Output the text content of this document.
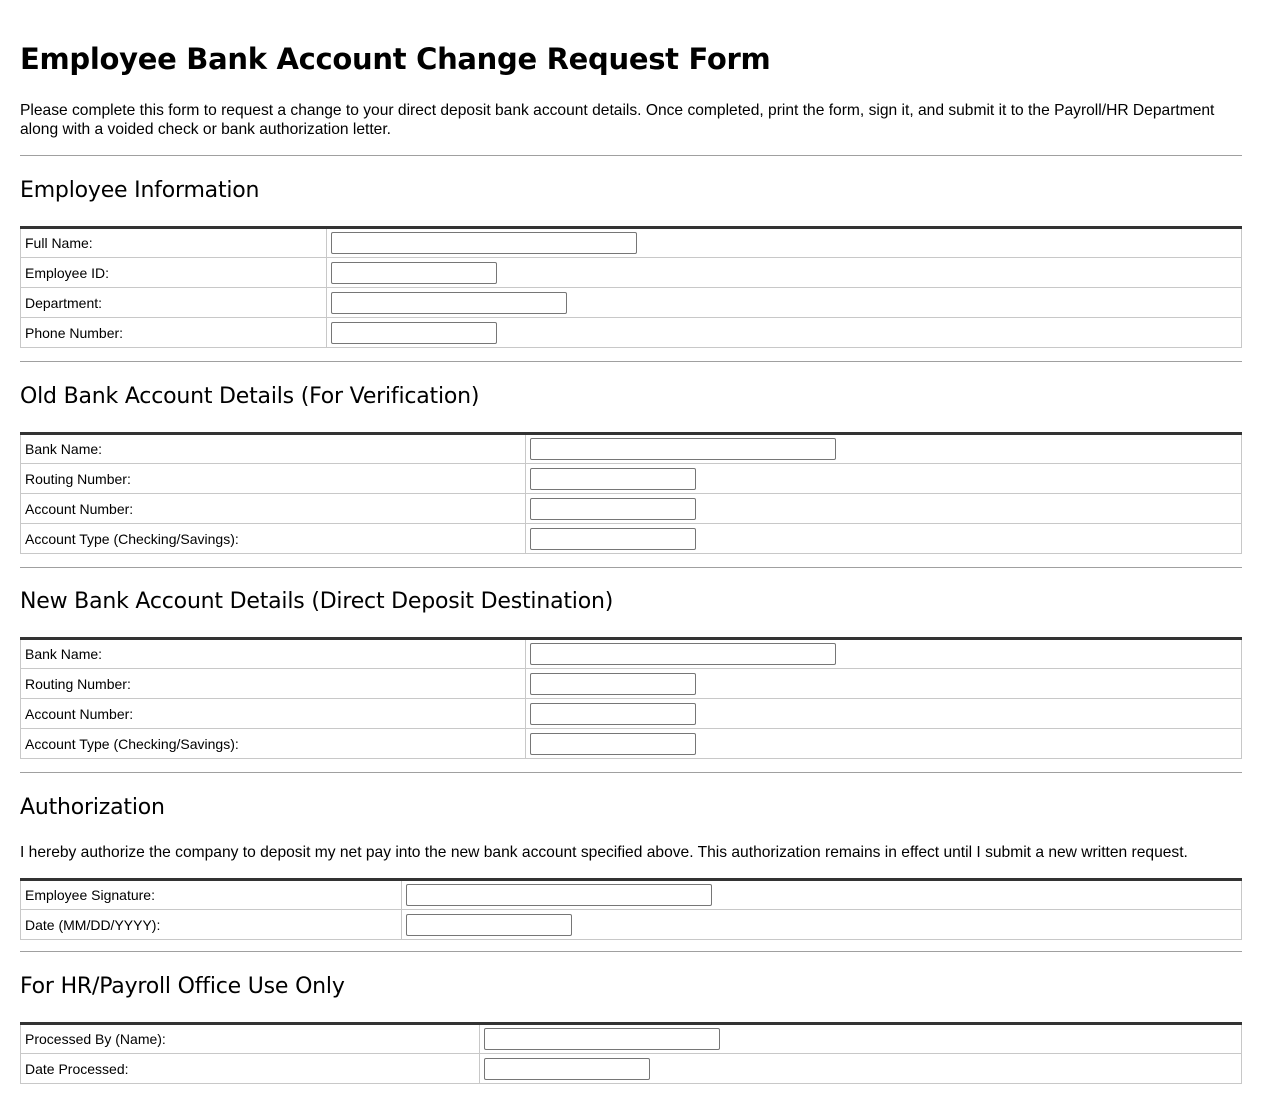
Employee Bank Account Change Request Form

Please complete this form to request a change to your direct deposit bank account details. Once completed, print the form, sign it, and submit it to the Payroll/HR Department along with a voided check or bank authorization letter.

Employee Information
Full Name:	

Employee ID:	

Department:	

Phone Number:	
Old Bank Account Details (For Verification)
Bank Name:	

Routing Number:	

Account Number:	

Account Type (Checking/Savings):	
New Bank Account Details (Direct Deposit Destination)
Bank Name:	

Routing Number:	

Account Number:	

Account Type (Checking/Savings):	
Authorization

I hereby authorize the company to deposit my net pay into the new bank account specified above. This authorization remains in effect until I submit a new written request.

Employee Signature:	

Date (MM/DD/YYYY):	
For HR/Payroll Office Use Only
Processed By (Name):	

Date Processed:	
